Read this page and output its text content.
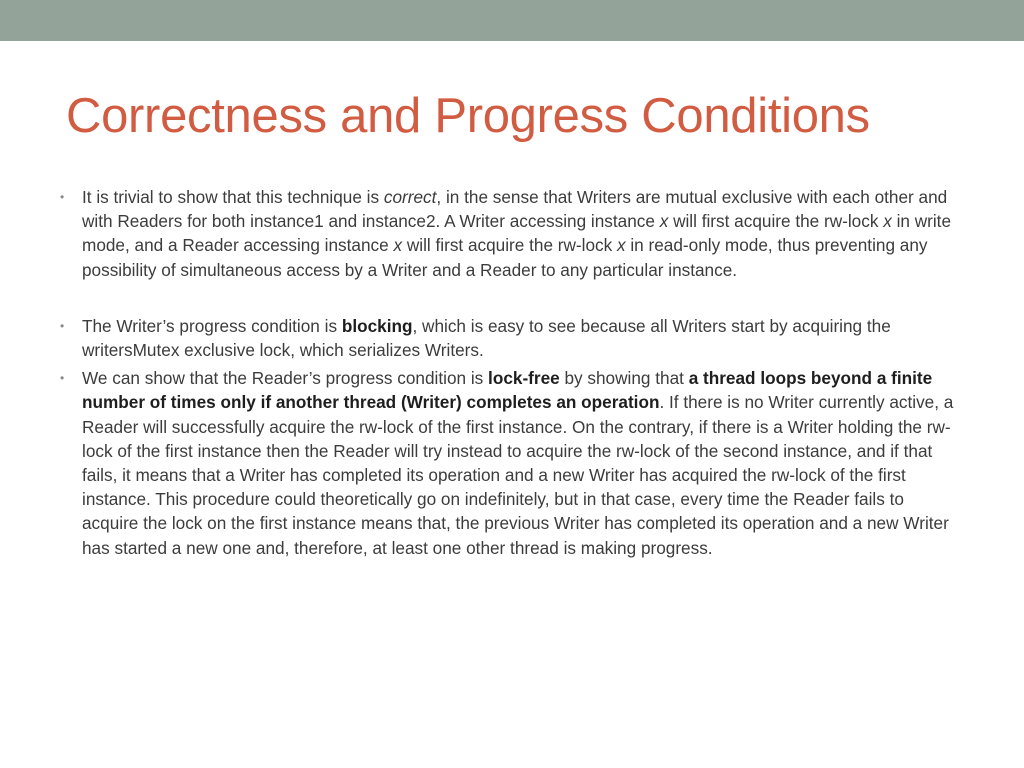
Correctness and Progress Conditions
• It is trivial to show that this technique is correct, in the sense that Writers are mutual exclusive with each other and with Readers for both instance1 and instance2. A Writer accessing instance x will first acquire the rw-lock x in write mode, and a Reader accessing instance x will first acquire the rw-lock x in read-only mode, thus preventing any possibility of simultaneous access by a Writer and a Reader to any particular instance.
• The Writer’s progress condition is blocking, which is easy to see because all Writers start by acquiring the writersMutex exclusive lock, which serializes Writers.
• We can show that the Reader’s progress condition is lock-free by showing that a thread loops beyond a finite number of times only if another thread (Writer) completes an operation. If there is no Writer currently active, a Reader will successfully acquire the rw-lock of the first instance. On the contrary, if there is a Writer holding the rw-lock of the first instance then the Reader will try instead to acquire the rw-lock of the second instance, and if that fails, it means that a Writer has completed its operation and a new Writer has acquired the rw-lock of the first instance. This procedure could theoretically go on indefinitely, but in that case, every time the Reader fails to acquire the lock on the first instance means that, the previous Writer has completed its operation and a new Writer has started a new one and, therefore, at least one other thread is making progress.
